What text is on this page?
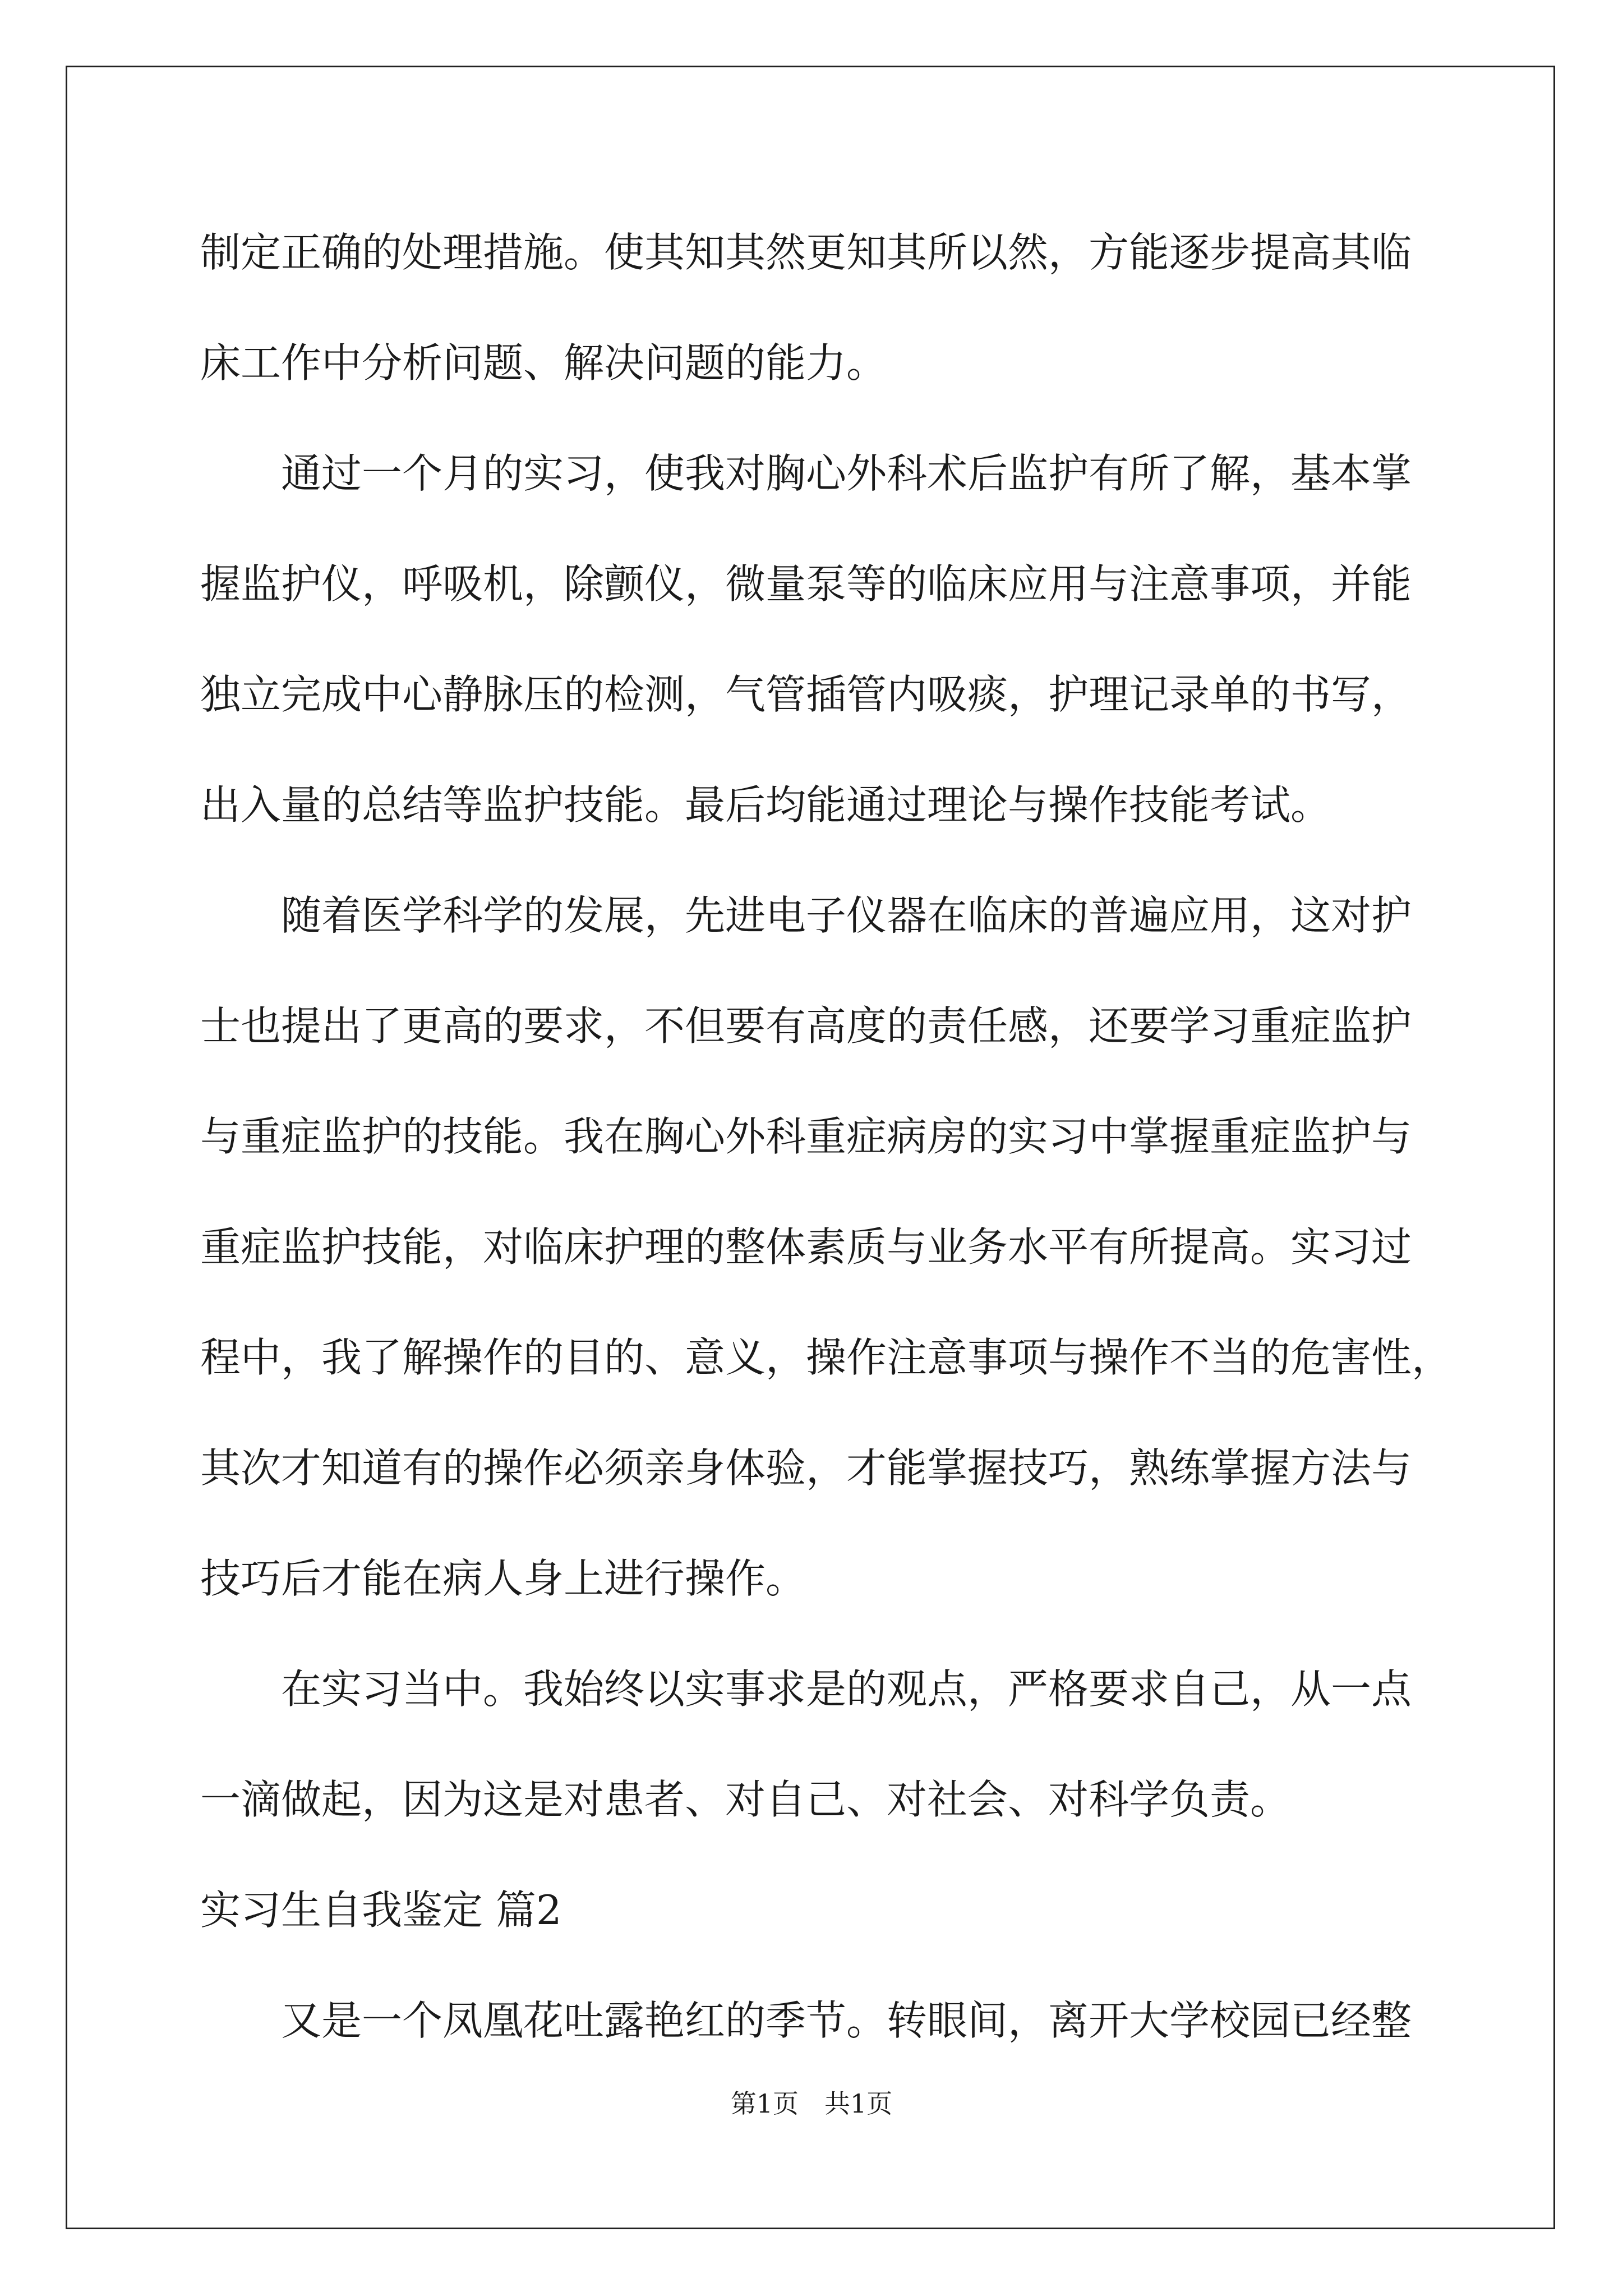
制定正确的处理措施。使其知其然更知其所以然，方能逐步提高其临
床工作中分析问题、解决问题的能力。
通过一个月的实习，使我对胸心外科术后监护有所了解，基本掌
握监护仪，呼吸机，除颤仪，微量泵等的临床应用与注意事项，并能
独立完成中心静脉压的检测，气管插管内吸痰，护理记录单的书写，
出入量的总结等监护技能。最后均能通过理论与操作技能考试。
随着医学科学的发展，先进电子仪器在临床的普遍应用，这对护
士也提出了更高的要求，不但要有高度的责任感，还要学习重症监护
与重症监护的技能。我在胸心外科重症病房的实习中掌握重症监护与
重症监护技能，对临床护理的整体素质与业务水平有所提高。实习过
程中，我了解操作的目的、意义，操作注意事项与操作不当的危害性，
其次才知道有的操作必须亲身体验，才能掌握技巧，熟练掌握方法与
技巧后才能在病人身上进行操作。
在实习当中。我始终以实事求是的观点，严格要求自己，从一点
一滴做起，因为这是对患者、对自己、对社会、对科学负责。
实习生自我鉴定 篇2
又是一个凤凰花吐露艳红的季节。转眼间，离开大学校园已经整
第1页　共1页
